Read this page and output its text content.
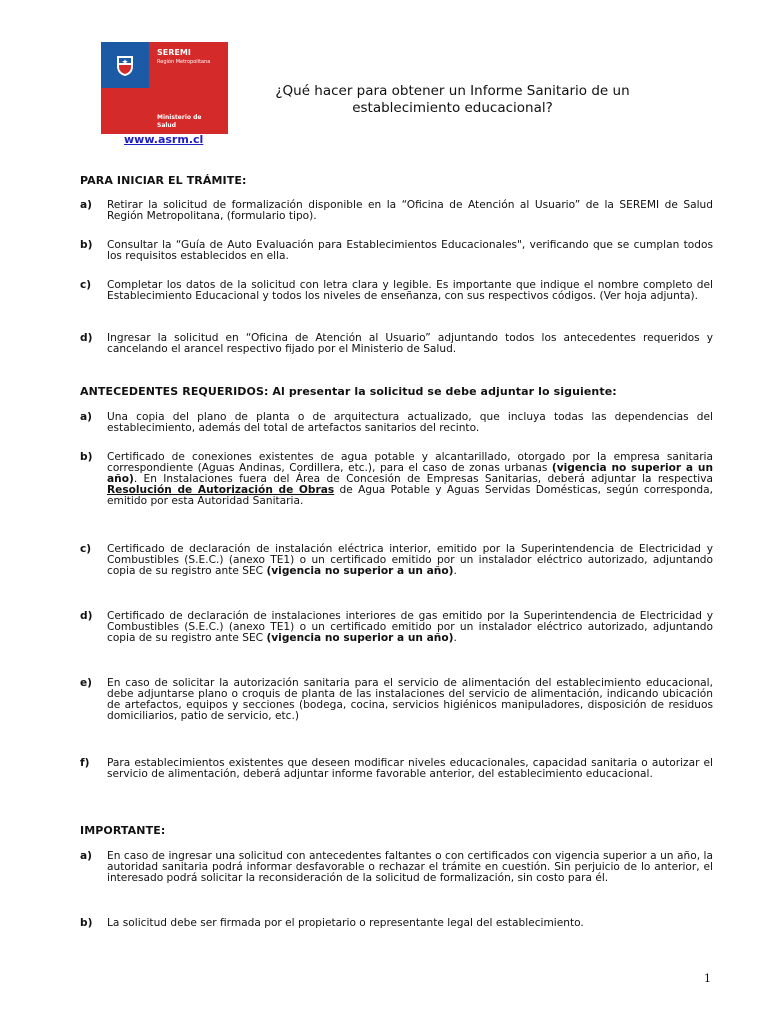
SEREMI
Región Metropolitana
Ministerio de
Salud
www.asrm.cl
¿Qué hacer para obtener un Informe Sanitario de un
establecimiento educacional?
PARA INICIAR EL TRÁMITE:
a) Retirar la solicitud de formalización disponible en la “Oficina de Atención al Usuario” de la SEREMI de Salud Región Metropolitana, (formulario tipo).
b) Consultar la “Guía de Auto Evaluación para Establecimientos Educacionales", verificando que se cumplan todos los requisitos establecidos en ella.
c) Completar los datos de la solicitud con letra clara y legible. Es importante que indique el nombre completo del Establecimiento Educacional y todos los niveles de enseñanza, con sus respectivos códigos. (Ver hoja adjunta).
d) Ingresar la solicitud en “Oficina de Atención al Usuario” adjuntando todos los antecedentes requeridos y cancelando el arancel respectivo fijado por el Ministerio de Salud.
ANTECEDENTES REQUERIDOS: Al presentar la solicitud se debe adjuntar lo siguiente:
a) Una copia del plano de planta o de arquitectura actualizado, que incluya todas las dependencias del establecimiento, además del total de artefactos sanitarios del recinto.
b) Certificado de conexiones existentes de agua potable y alcantarillado, otorgado por la empresa sanitaria correspondiente (Aguas Andinas, Cordillera, etc.), para el caso de zonas urbanas (vigencia no superior a un año). En Instalaciones fuera del Área de Concesión de Empresas Sanitarias, deberá adjuntar la respectiva Resolución de Autorización de Obras de Agua Potable y Aguas Servidas Domésticas, según corresponda, emitido por esta Autoridad Sanitaria.
c) Certificado de declaración de instalación eléctrica interior, emitido por la Superintendencia de Electricidad y Combustibles (S.E.C.) (anexo TE1) o un certificado emitido por un instalador eléctrico autorizado, adjuntando copia de su registro ante SEC (vigencia no superior a un año).
d) Certificado de declaración de instalaciones interiores de gas emitido por la Superintendencia de Electricidad y Combustibles (S.E.C.) (anexo TE1) o un certificado emitido por un instalador eléctrico autorizado, adjuntando copia de su registro ante SEC (vigencia no superior a un año).
e) En caso de solicitar la autorización sanitaria para el servicio de alimentación del establecimiento educacional, debe adjuntarse plano o croquis de planta de las instalaciones del servicio de alimentación, indicando ubicación de artefactos, equipos y secciones (bodega, cocina, servicios higiénicos manipuladores, disposición de residuos domiciliarios, patio de servicio, etc.)
f) Para establecimientos existentes que deseen modificar niveles educacionales, capacidad sanitaria o autorizar el servicio de alimentación, deberá adjuntar informe favorable anterior, del establecimiento educacional.
IMPORTANTE:
a) En caso de ingresar una solicitud con antecedentes faltantes o con certificados con vigencia superior a un año, la autoridad sanitaria podrá informar desfavorable o rechazar el trámite en cuestión. Sin perjuicio de lo anterior, el interesado podrá solicitar la reconsideración de la solicitud de formalización, sin costo para él.
b) La solicitud debe ser firmada por el propietario o representante legal del establecimiento.
1
